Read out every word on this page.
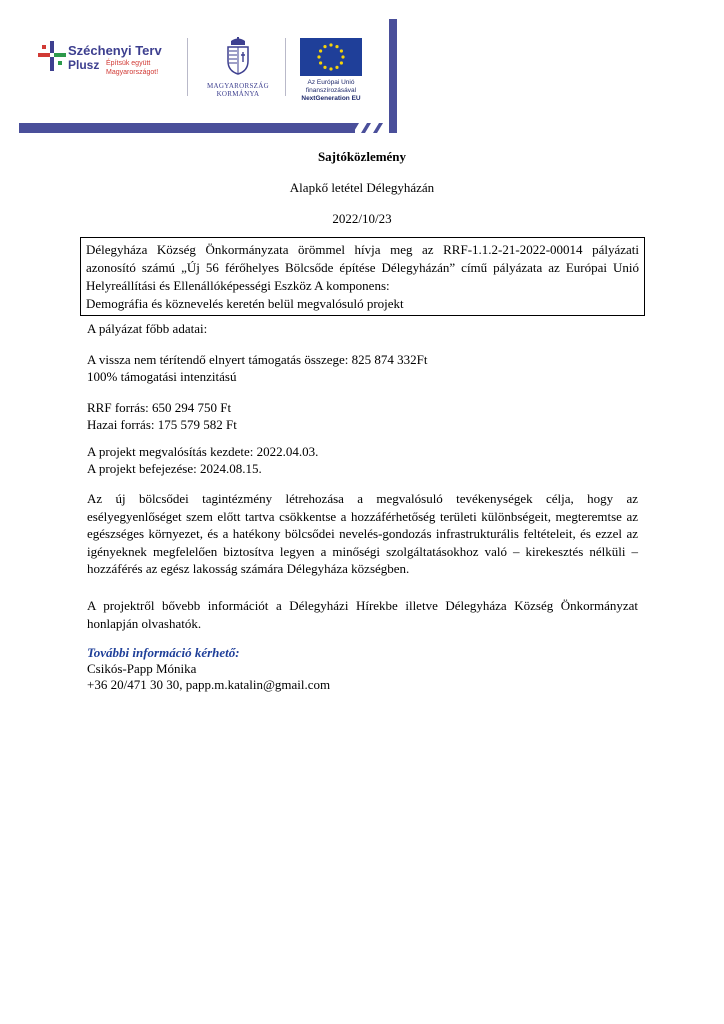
Széchenyi Terv
Plusz Építsük együtt
Magyarországot!
MAGYARORSZÁG
KORMÁNYA
Az Európai Unió
finanszírozásával
NextGeneration EU
Sajtóközlemény
Alapkő letétel Délegyházán
2022/10/23
Délegyháza Község Önkormányzata örömmel hívja meg az RRF-1.1.2-21-2022-00014 pályázati
azonosító számú „Új 56 férőhelyes Bölcsőde építése Délegyházán” című pályázata az Európai Unió
Helyreállítási és Ellenállóképességi Eszköz A komponens:
Demográfia és köznevelés keretén belül megvalósuló projekt
A pályázat főbb adatai:
A vissza nem térítendő elnyert támogatás összege: 825 874 332Ft
100% támogatási intenzitású
RRF forrás: 650 294 750 Ft
Hazai forrás: 175 579 582 Ft
A projekt megvalósítás kezdete: 2022.04.03.
A projekt befejezése: 2024.08.15.
Az új bölcsődei tagintézmény létrehozása a megvalósuló tevékenységek célja, hogy az
esélyegyenlőséget szem előtt tartva csökkentse a hozzáférhetőség területi különbségeit, megteremtse az
egészséges környezet, és a hatékony bölcsődei nevelés-gondozás infrastrukturális feltételeit, és ezzel az
igényeknek megfelelően biztosítva legyen a minőségi szolgáltatásokhoz való – kirekesztés nélküli –
hozzáférés az egész lakosság számára Délegyháza községben.
A projektről bővebb információt a Délegyházi Hírekbe illetve Délegyháza Község Önkormányzat
honlapján olvashatók.
További információ kérhető:
Csikós-Papp Mónika
+36 20/471 30 30, papp.m.katalin@gmail.com
